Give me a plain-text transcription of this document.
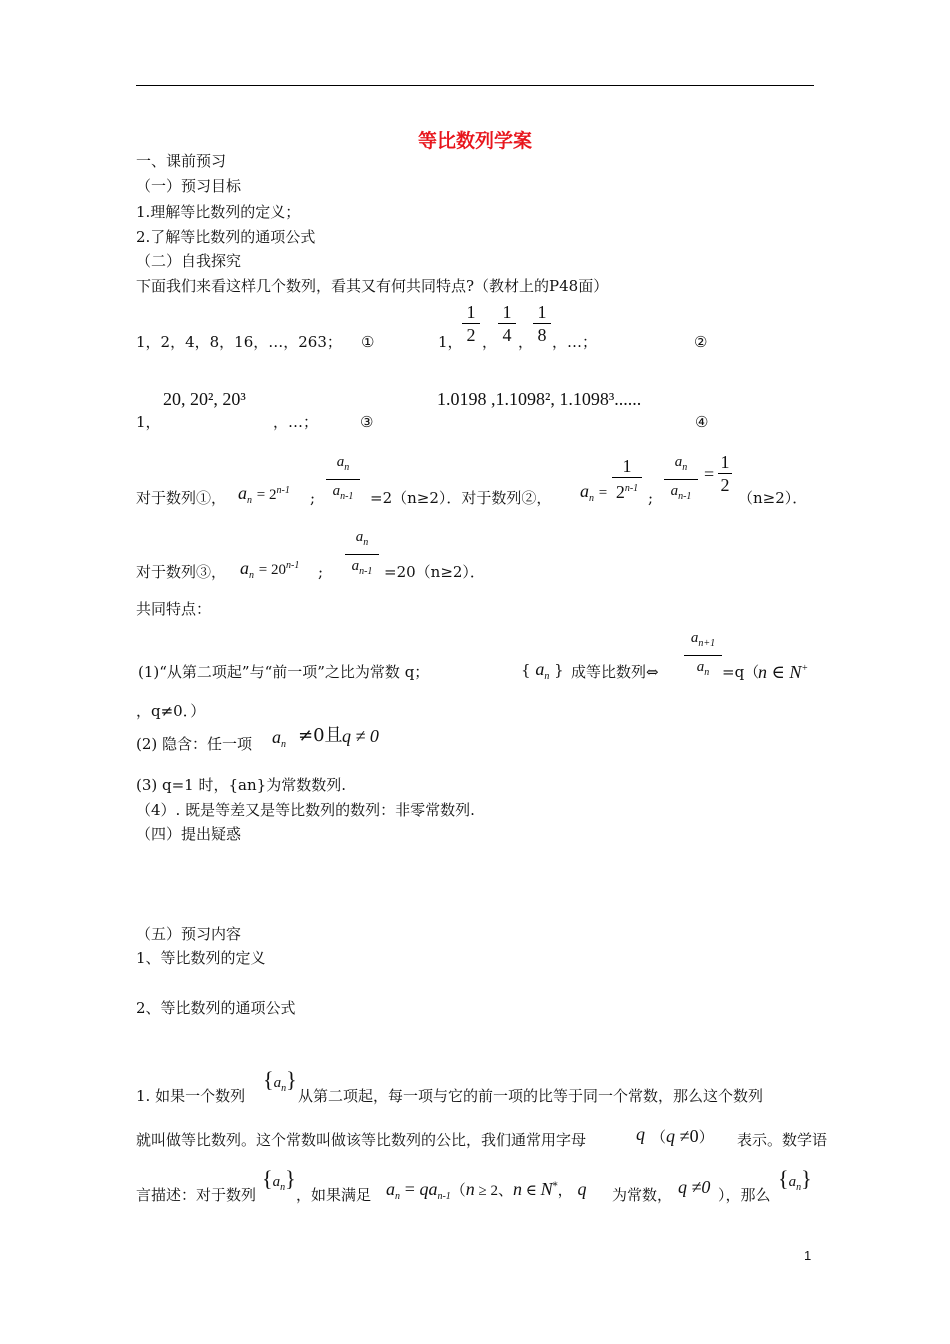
等比数列学案
一、课前预习
（一）预习目标
1.理解等比数列的定义；
2.了解等比数列的通项公式
（二）自我探究
下面我们来看这样几个数列，看其又有何共同特点?（教材上的P48面）
1，2，4，8，16，…，263； ①	1，
1
2 ，
1
4 ，
1
8 ，…；	②
20, 20², 20³
1，	，…；	③
1.0198 ,1.1098², 1.1098³......
④
对于数列①， $a_n = 2^{n-1}$ ;
$a_n$
$a_{n-1}$	=2（n≥2）．对于数列②， $a_n$ =
1
2$^{n-1}$
;
$a_n$
$a_{n-1}$
=
1
2
（n≥2）．
对于数列③， $a_n = 20^{n-1}$ ;
$a_n$
$a_{n-1} =20(n\ge 2)$．
共同特点：
(1)“从第二项起”与“前一项”之比为常数 q；	{ $a_n$ } 成等比数列⇔
$a_{n+1}$
$a_n =q$（
n ∈ N+
，q≠0．）
(2) 隐含：任一项 $a_n \ne 0$且 q ≠ 0
(3) q=1 时，{an}为常数数列.
（4）. 既是等差又是等比数列的数列：非零常数列.
（四）提出疑惑
（五）预习内容
1、等比数列的定义
2、等比数列的通项公式
1. 如果一个数列
$\{a_n\}$
从第二项起，每一项与它的前一项的比等于同一个常数，那么这个数列
就叫做等比数列。这个常数叫做该等比数列的公比，我们通常用字母	q （q ≠0） 表示。数学语
言描述：对于数列
$\{a_n\}$
，如果满足 $a_n = qa_{n-1}(n \ge 2$、n ∈ N*， q 为常数， q ≠0 ），那么
$\{a_n\}$
1
